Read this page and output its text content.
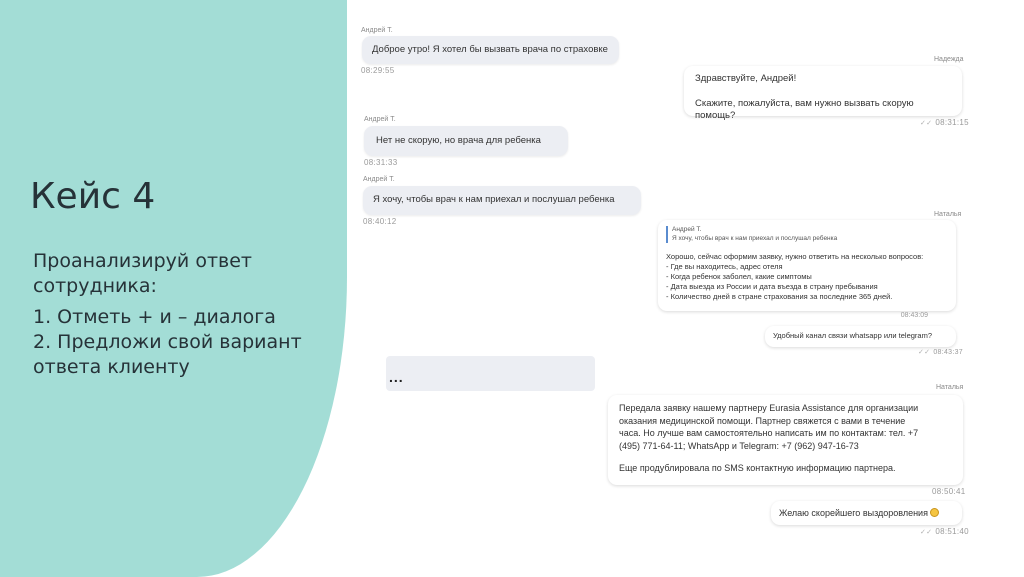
Кейс 4
Проанализируй ответ сотрудника:
1. Отметь + и – диалога
2. Предложи свой вариант ответа клиенту
Андрей Т.
Доброе утро! Я хотел бы вызвать врача по страховке
08:29:55
Надежда
Здравствуйте, Андрей!
Скажите, пожалуйста, вам нужно вызвать скорую помощь?
✓✓ 08:31:15
Андрей Т.
Нет не скорую, но врача для ребенка
08:31:33
Андрей Т.
Я хочу, чтобы врач к нам приехал и послушал ребенка
08:40:12
Наталья
Андрей Т.
Я хочу, чтобы врач к нам приехал и послушал ребенка
Хорошо, сейчас оформим заявку, нужно ответить на несколько вопросов:
- Где вы находитесь, адрес отеля
- Когда ребенок заболел, какие симптомы
- Дата выезда из России и дата въезда в страну пребывания
- Количество дней в стране страхования за последние 365 дней.
08:43:09
Удобный канал связи whatsapp или telegram?
✓✓ 08:43:37
...
Наталья
Передала заявку нашему партнеру Eurasia Assistance для организации
оказания медицинской помощи. Партнер свяжется с вами в течение
часа. Но лучше вам самостоятельно написать им по контактам: тел. +7
(495) 771-64-11; WhatsApp и Telegram: +7 (962) 947-16-73
Еще продублировала по SMS контактную информацию партнера.
08:50:41
Желаю скорейшего выздоровления
✓✓ 08:51:40
